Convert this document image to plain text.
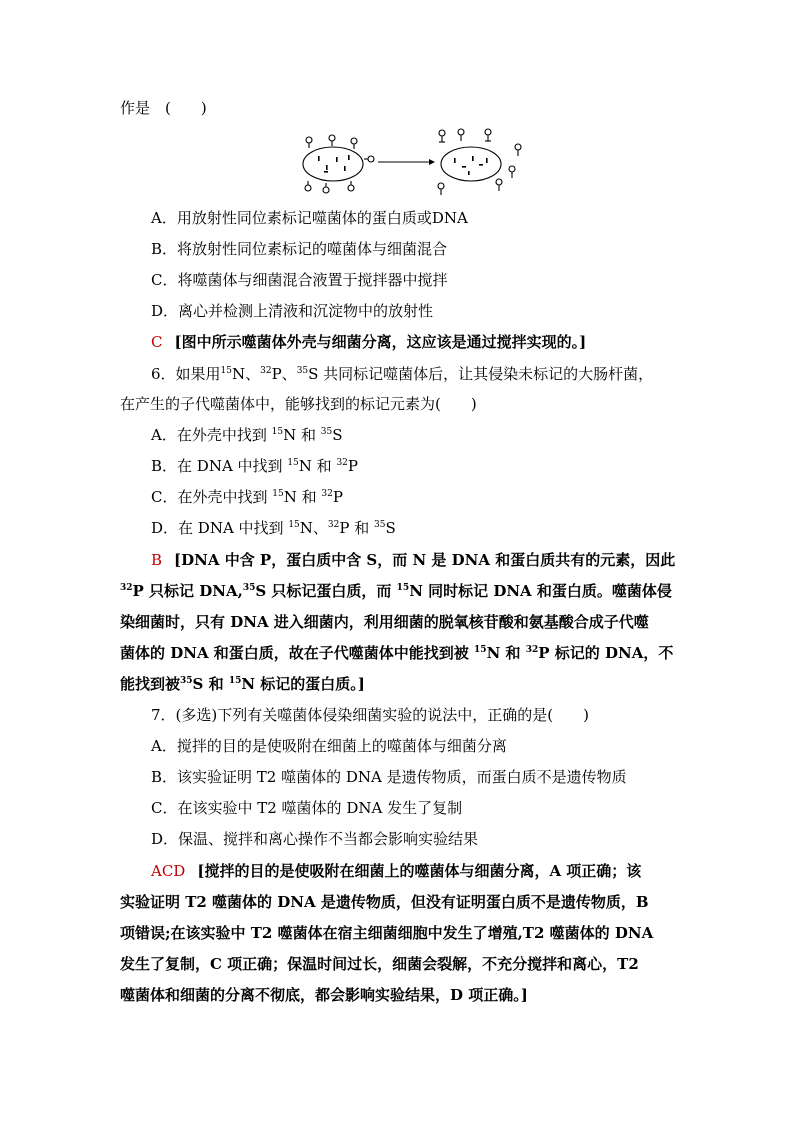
作是　(　　)
A．用放射性同位素标记噬菌体的蛋白质或DNA
B．将放射性同位素标记的噬菌体与细菌混合
C．将噬菌体与细菌混合液置于搅拌器中搅拌
D．离心并检测上清液和沉淀物中的放射性
C [图中所示噬菌体外壳与细菌分离，这应该是通过搅拌实现的。]
6．如果用$^{15}$N、$^{32}$P、$^{35}$S 共同标记噬菌体后，让其侵染未标记的大肠杆菌，
在产生的子代噬菌体中，能够找到的标记元素为(　　)
A．在外壳中找到 $^{15}$N 和 $^{35}$S
B．在 DNA 中找到 $^{15}$N 和 $^{32}$P
C．在外壳中找到 $^{15}$N 和 $^{32}$P
D．在 DNA 中找到 $^{15}$N、$^{32}$P 和 $^{35}$S
B [DNA 中含 P，蛋白质中含 S，而 N 是 DNA 和蛋白质共有的元素，因此
$^{32}$P 只标记 DNA,$^{35}$S 只标记蛋白质，而 $^{15}$N 同时标记 DNA 和蛋白质。噬菌体侵
染细菌时，只有 DNA 进入细菌内，利用细菌的脱氧核苷酸和氨基酸合成子代噬
菌体的 DNA 和蛋白质，故在子代噬菌体中能找到被 $^{15}$N 和 $^{32}$P 标记的 DNA，不
能找到被$^{35}$S 和 $^{15}$N 标记的蛋白质。]
7．(多选)下列有关噬菌体侵染细菌实验的说法中，正确的是(　　)
A．搅拌的目的是使吸附在细菌上的噬菌体与细菌分离
B．该实验证明 T2 噬菌体的 DNA 是遗传物质，而蛋白质不是遗传物质
C．在该实验中 T2 噬菌体的 DNA 发生了复制
D．保温、搅拌和离心操作不当都会影响实验结果
ACD [搅拌的目的是使吸附在细菌上的噬菌体与细菌分离，A 项正确；该
实验证明 T2 噬菌体的 DNA 是遗传物质，但没有证明蛋白质不是遗传物质，B
项错误;在该实验中 T2 噬菌体在宿主细菌细胞中发生了增殖,T2 噬菌体的 DNA
发生了复制，C 项正确；保温时间过长，细菌会裂解，不充分搅拌和离心，T2
噬菌体和细菌的分离不彻底，都会影响实验结果，D 项正确。]
